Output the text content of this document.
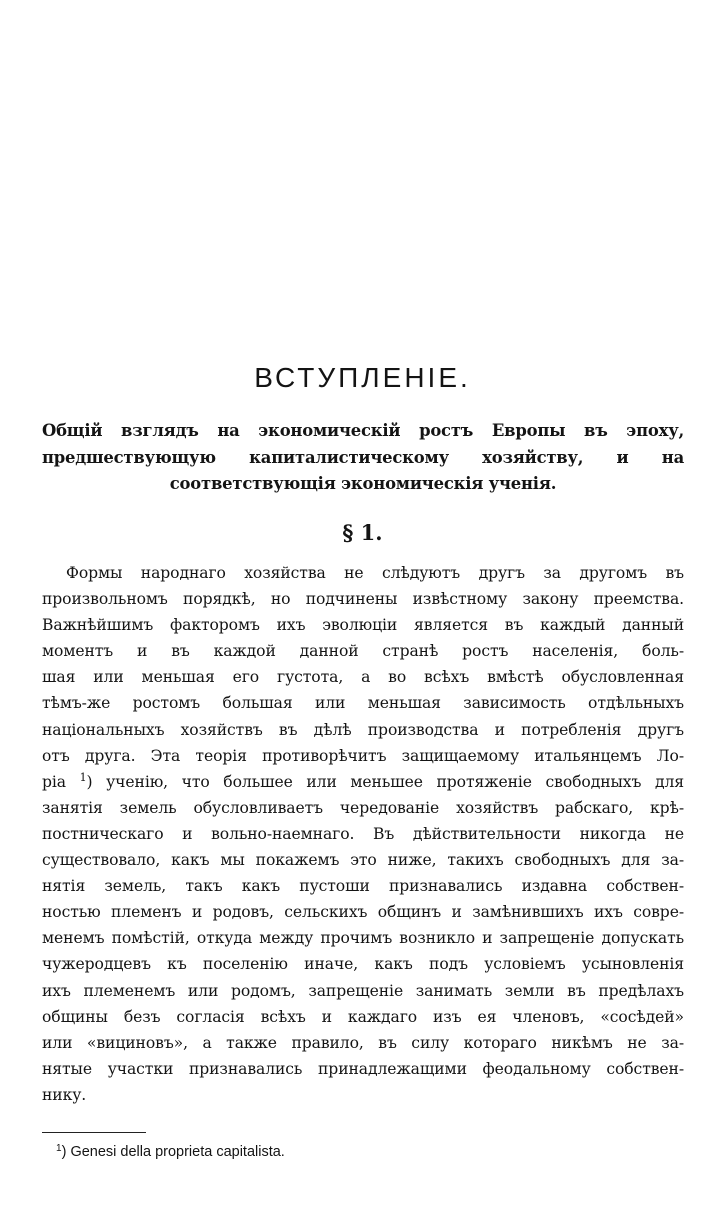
ВСТУПЛЕНІЕ.

Общій взглядъ на экономическій ростъ Европы въ эпоху, предшествующую капиталистическому хозяйству, и на соответствующія экономическія ученія.

§ 1.
Формы народнаго хозяйства не слѣдуютъ другъ за другомъ въ
произвольномъ порядкѣ, но подчинены извѣстному закону преемства.
Важнѣйшимъ факторомъ ихъ эволюціи является въ каждый данный
моментъ и въ каждой данной странѣ ростъ населенія, боль-
шая или меньшая его густота, а во всѣхъ вмѣстѣ обусловленная
тѣмъ-же ростомъ большая или меньшая зависимость отдѣльныхъ
національныхъ хозяйствъ въ дѣлѣ производства и потребленія другъ
отъ друга. Эта теорія противорѣчитъ защищаемому итальянцемъ Ло-
ріа $^1$) ученію, что большее или меньшее протяженіе свободныхъ для
занятія земель обусловливаетъ чередованіе хозяйствъ рабскаго, крѣ-
постническаго и вольно-наемнаго. Въ дѣйствительности никогда не
существовало, какъ мы покажемъ это ниже, такихъ свободныхъ для за-
нятія земель, такъ какъ пустоши признавались издавна собствен-
ностью племенъ и родовъ, сельскихъ общинъ и замѣнившихъ ихъ совре-
менемъ помѣстій, откуда между прочимъ возникло и запрещеніе допускать
чужеродцевъ къ поселенію иначе, какъ подъ условіемъ усыновленія
ихъ племенемъ или родомъ, запрещеніе занимать земли въ предѣлахъ
общины безъ согласія всѣхъ и каждаго изъ ея членовъ, «сосѣдей»
или «вициновъ», а также правило, въ силу котораго никѣмъ не за-
нятые участки признавались принадлежащими феодальному собствен-
нику.

$^1$) Genesi della proprieta capitalista.
